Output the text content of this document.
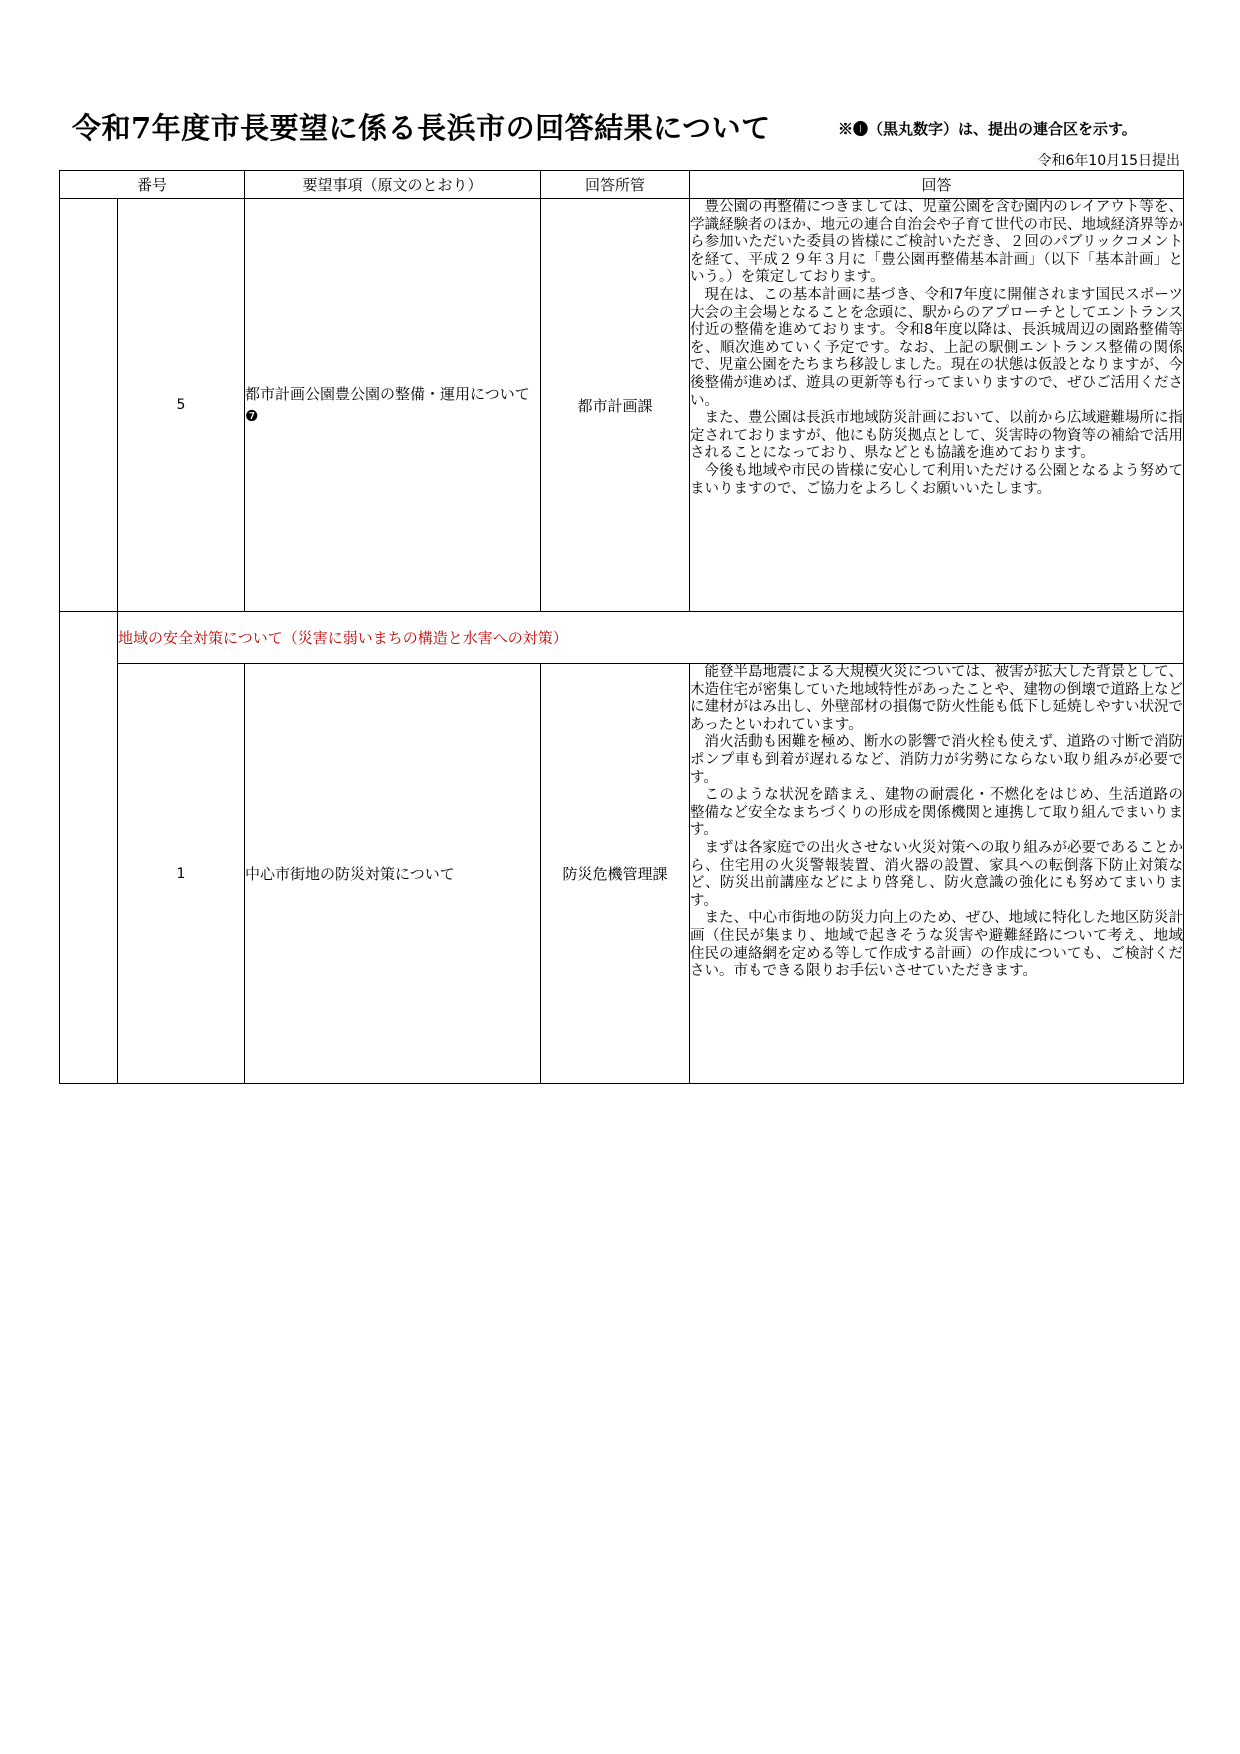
令和7年度市長要望に係る長浜市の回答結果について	※❶（黒丸数字）は、提出の連合区を示す。
令和6年10月15日提出
番号		要望事項（原文のとおり）	回答所管	回答
	5	都市計画公園豊公園の整備・運用について❼	都市計画課	豊公園の再整備につきましては、児童公園を含む園内のレイアウト等を、学識経験者のほか、地元の連合自治会や子育て世代の市民、地域経済界等から参加いただいた委員の皆様にご検討いただき、２回のパブリックコメントを経て、平成２９年３月に「豊公園再整備基本計画」（以下「基本計画」という。）を策定しております。

現在は、この基本計画に基づき、令和7年度に開催されます国民スポーツ大会の主会場となることを念頭に、駅からのアプローチとしてエントランス付近の整備を進めております。令和8年度以降は、長浜城周辺の園路整備等を、順次進めていく予定です。なお、上記の駅側エントランス整備の関係で、児童公園をたちまち移設しました。現在の状態は仮設となりますが、今後整備が進めば、遊具の更新等も行ってまいりますので、ぜひご活用ください。

また、豊公園は長浜市地域防災計画において、以前から広域避難場所に指定されておりますが、他にも防災拠点として、災害時の物資等の補給で活用されることになっており、県などとも協議を進めております。

今後も地域や市民の皆様に安心して利用いただける公園となるよう努めてまいりますので、ご協力をよろしくお願いいたします。

	地域の安全対策について（災害に弱いまちの構造と水害への対策）			
	1	中心市街地の防災対策について	防災危機管理課	能登半島地震による大規模火災については、被害が拡大した背景として、木造住宅が密集していた地域特性があったことや、建物の倒壊で道路上などに建材がはみ出し、外壁部材の損傷で防火性能も低下し延焼しやすい状況であったといわれています。

消火活動も困難を極め、断水の影響で消火栓も使えず、道路の寸断で消防ポンプ車も到着が遅れるなど、消防力が劣勢にならない取り組みが必要です。

このような状況を踏まえ、建物の耐震化・不燃化をはじめ、生活道路の整備など安全なまちづくりの形成を関係機関と連携して取り組んでまいります。

まずは各家庭での出火させない火災対策への取り組みが必要であることから、住宅用の火災警報装置、消火器の設置、家具への転倒落下防止対策など、防災出前講座などにより啓発し、防火意識の強化にも努めてまいります。

また、中心市街地の防災力向上のため、ぜひ、地域に特化した地区防災計画（住民が集まり、地域で起きそうな災害や避難経路について考え、地域住民の連絡網を定める等して作成する計画）の作成についても、ご検討ください。市もできる限りお手伝いさせていただきます。
